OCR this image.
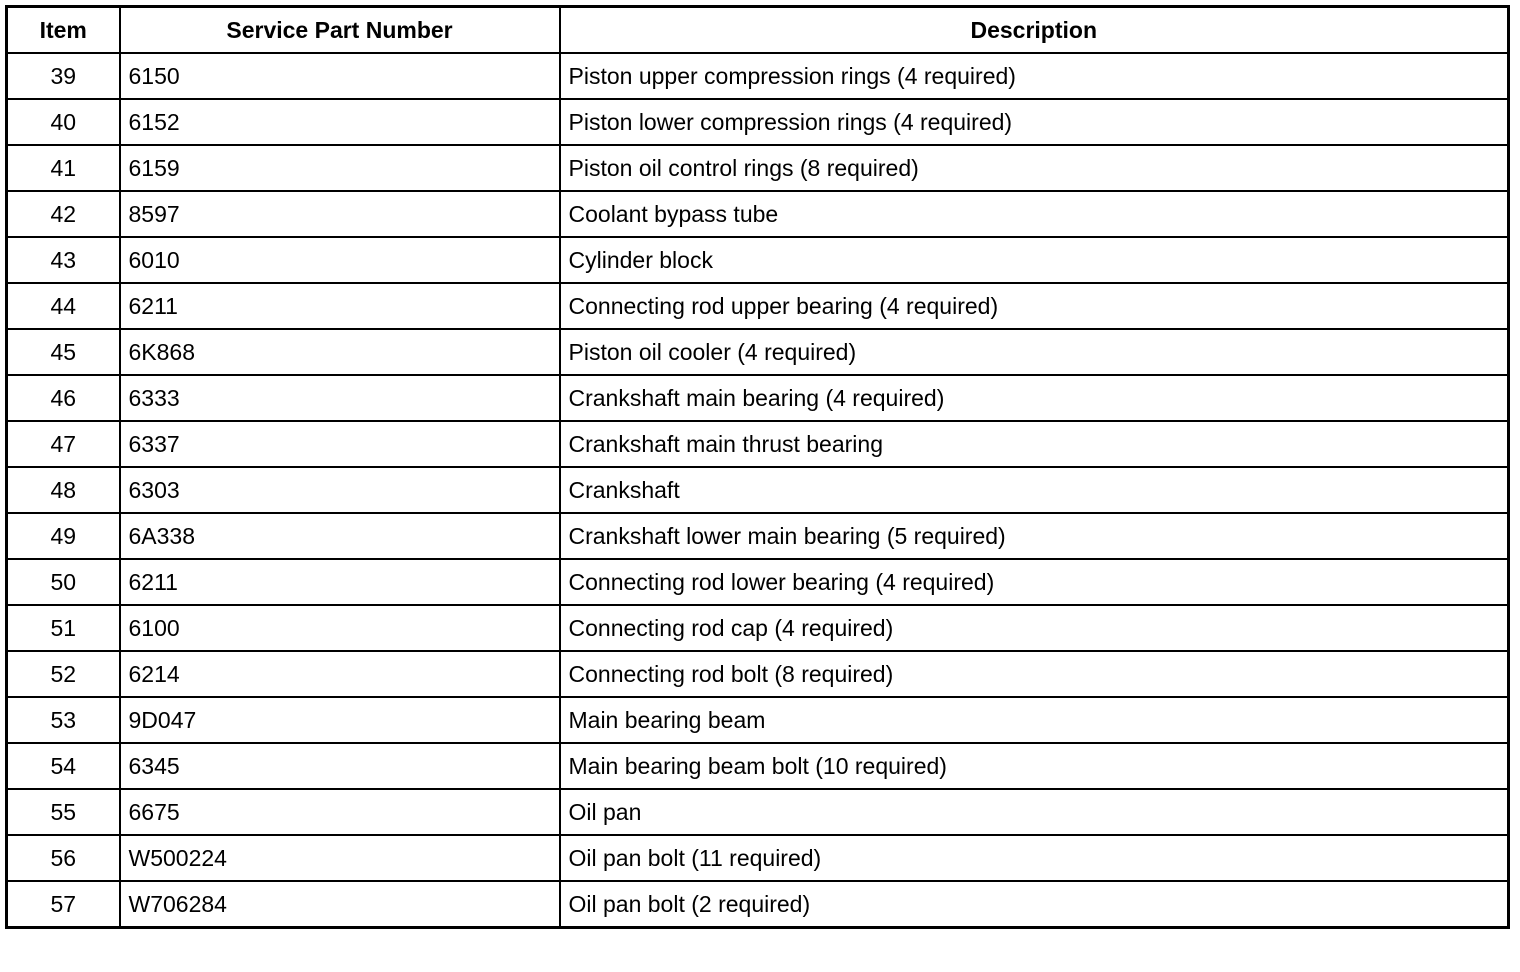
Item	Service Part Number	Description
39	6150	Piston upper compression rings (4 required)
40	6152	Piston lower compression rings (4 required)
41	6159	Piston oil control rings (8 required)
42	8597	Coolant bypass tube
43	6010	Cylinder block
44	6211	Connecting rod upper bearing (4 required)
45	6K868	Piston oil cooler (4 required)
46	6333	Crankshaft main bearing (4 required)
47	6337	Crankshaft main thrust bearing
48	6303	Crankshaft
49	6A338	Crankshaft lower main bearing (5 required)
50	6211	Connecting rod lower bearing (4 required)
51	6100	Connecting rod cap (4 required)
52	6214	Connecting rod bolt (8 required)
53	9D047	Main bearing beam
54	6345	Main bearing beam bolt (10 required)
55	6675	Oil pan
56	W500224	Oil pan bolt (11 required)
57	W706284	Oil pan bolt (2 required)
